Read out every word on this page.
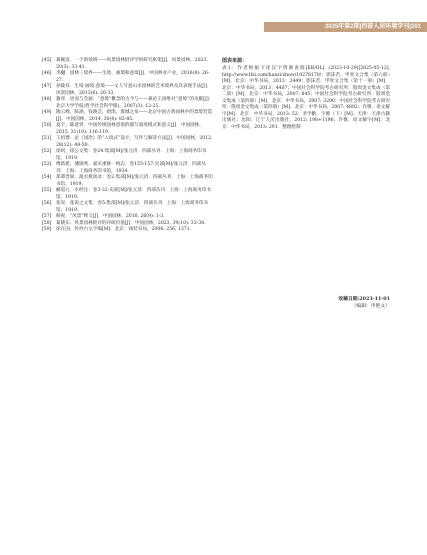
2025年第2期|西部人居环境学刊|201
[45] 葛婉彦．一个新领域——风景园林批评学的研究框架[J]．风景园林，2023, 30(3): 33-41.
[46] 李樾．园林三境界——生境、画境和意境[J]．中国林业产业，2016(8): 26-27.
[47] 孙筱祥．生境·画境·意境——文人写意山水园林的艺术境界及其表现手法[J]．风景园林，2013(6): 26-33.
[48] 冀青．居而与会通：“意境”概念的古今与——兼论王国维对“意境”的贡献[J]．北京大学学报(哲学社会科学版)，2007(3): 12-25.
[49] 陶云峰，陈涵，钱晓芸，唐郎，康城之泉——北京中国古典园林中的景境营造[J]．中国园林，2014, 30(4): 82-85.
[50] 夏宇，陈意贤．中国传统园林意境的描写演进模式和意义[J]．中国园林，2015, 31(10): 116-119.
[51] 王绍增．论《园冶》的“入境式”设计，写作与解读方法[J]．中国园林，2012, 28(12): 48-50.
[52] 徐珂，徐公文集：卷24:集部[M]/张元济．四部丛刊．上海：上海商务印书馆，1919.
[53] 傅新新，潘锦秀．嘉庆重修一统志：卷155-157:史部[M]/张元济．四部丛刊．上海：上海商务印书馆，1934.
[54] 郑谭晋斌．渑水燕谈录：卷2:集部[M]/张元济．四部丛刊．上海：上海商务印书馆，1919.
[55] 郦道元．水经注：卷3-32:史部[M]/张元济．四部丛刊．上海：上海商务印书馆，1919.
[56] 张说．张说之文集：卷5:集部[M]/张元济．四部丛刊．上海：上海商务印书馆，1919.
[57] 杨锐．“风景”释义[J]．中国园林，2010, 26(9): 1-3.
[58] 葛晓东．风景园林批评的评研价值[J]．中国园林，2023, 39(10): 33-38.
[59] 徐在国．传抄古文字编[M]．北京：线装书局，2006: 256, 1371.
图表来源：
表1：作者根据下述汉字资源查阅[EB/OL]. (2023-10-29)[2025-05-12]. http://www.lfsi.com/hanzi/show/19278170/；郭沫若．甲骨文合集（第六册）[M]．北京：中华书局，2013：2449；郭沫若．甲骨文合集（第十一册）[M]．北京：中华书局，2013：4407；中国社会科学院考古研究所．殷周金文集成（第二册）[M]．北京：中华书局，2007: 845；中国社会科学院考古研究所．殷周金文集成（第四册）[M]．北京：中华书局，2007: 3290；中国社会科学院考古研究所．殷周金文集成（第四册）[M]．北京：中华书局，2007: 4892；许慎．说文解字[M]．北京：中华书局，2013: 52；李学勤．字源（下）[M]．天津：天津古籍出版社；沈阳：辽宁人民出版社，2012: 198+1196；许慎．说文解字[M]．北京：中华书局，2013: 291．整理绘制
收稿日期:2023-11-01
（编辑：申艳文）
